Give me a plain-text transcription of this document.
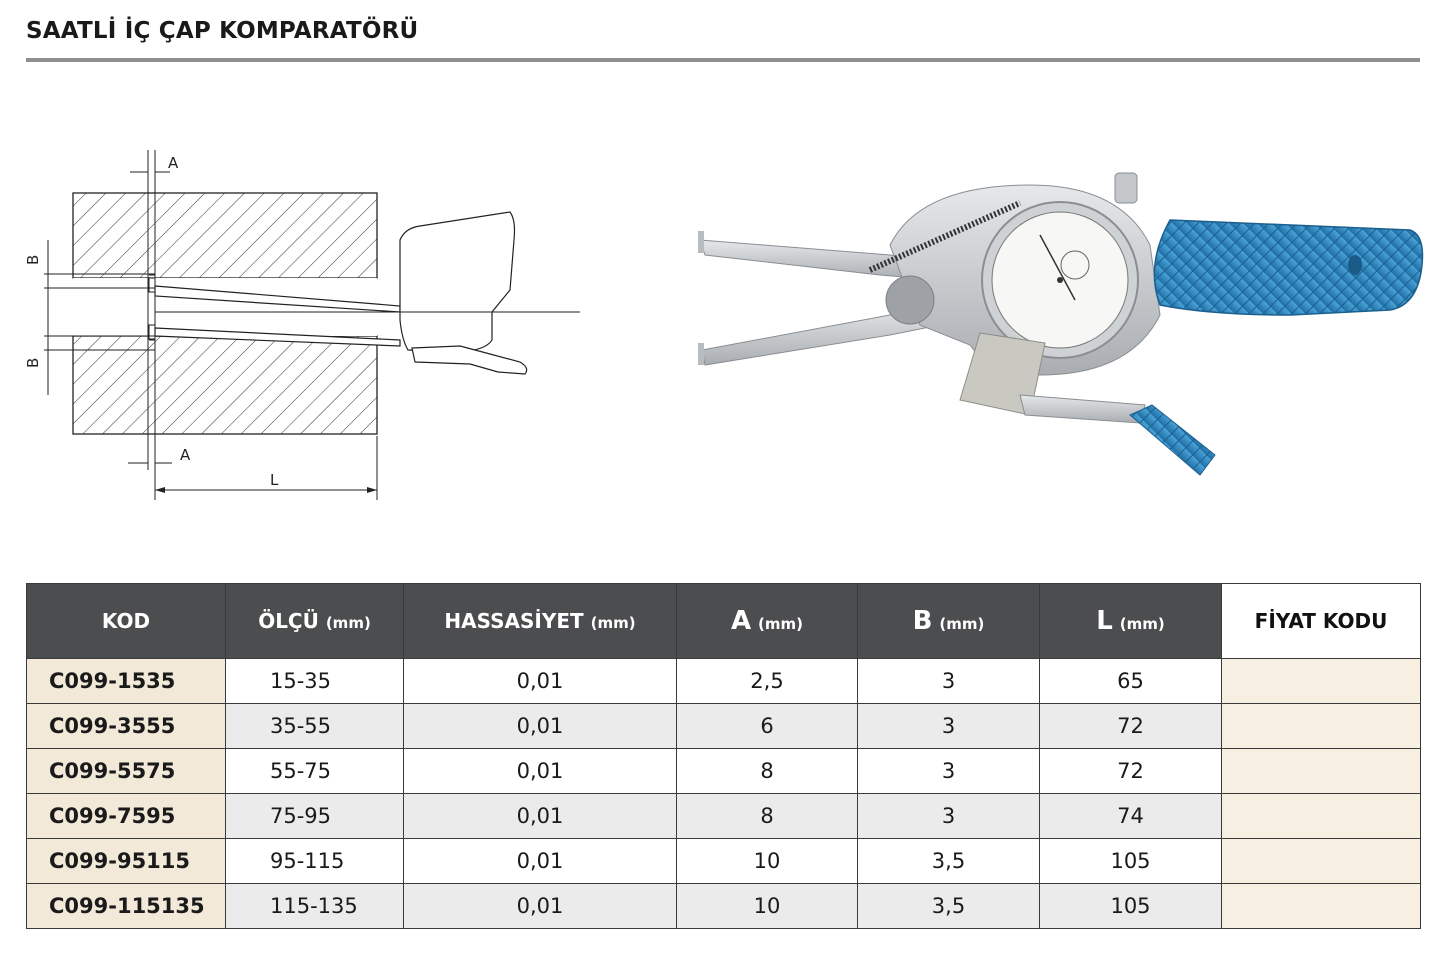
SAATLİ İÇ ÇAP KOMPARATÖRÜ
B
B
A
A
L
KOD	ÖLÇÜ (mm)	HASSASİYET (mm)	A (mm)	B (mm)	L (mm)	FİYAT KODU
C099-1535	15-35	0,01	2,5	3	65	
C099-3555	35-55	0,01	6	3	72	
C099-5575	55-75	0,01	8	3	72	
C099-7595	75-95	0,01	8	3	74	
C099-95115	95-115	0,01	10	3,5	105	
C099-115135	115-135	0,01	10	3,5	105	
